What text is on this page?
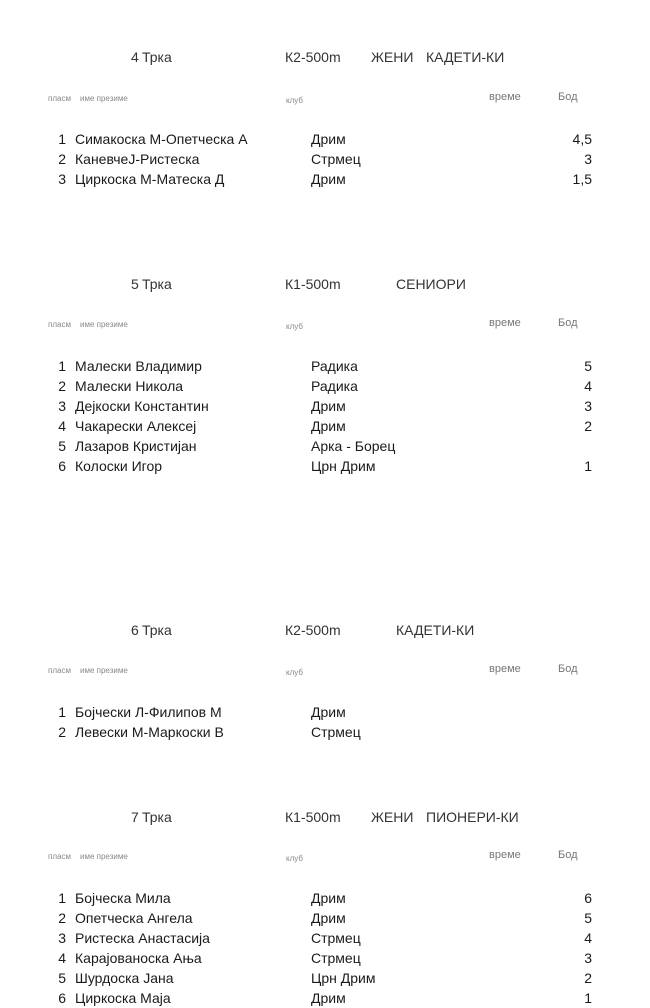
4 Трка	К2-500m ЖЕНИ КАДЕТИ-КИ
пласм име презиме	клуб	време	Бод
1 Симакоска М-Опетческа А	Дрим	4,5
2 КаневчеЈ-Ристеска	Стрмец	3
3 Циркоска М-Матеска Д	Дрим	1,5
5 Трка	К1-500m	СЕНИОРИ
пласм име презиме	клуб	време	Бод
1 Малески Владимир	Радика	5
2 Малески Никола	Радика	4
3 Дејкоски Константин	Дрим	3
4 Чакарески Алексеј	Дрим	2
5 Лазаров Кристијан	Арка - Борец
6 Колоски Игор	Црн Дрим	1
6 Трка	К2-500m	КАДЕТИ-КИ
пласм име презиме	клуб	време	Бод
1 Бојчески Л-Филипов М	Дрим
2 Левески М-Маркоски В	Стрмец
7 Трка	К1-500m ЖЕНИ ПИОНЕРИ-КИ
пласм име презиме	клуб	време	Бод
1 Бојческа Мила	Дрим	6
2 Опетческа Ангела	Дрим	5
3 Ристеска Анастасија	Стрмец	4
4 Карајованоска Ања	Стрмец	3
5 Шурдоска Јана	Црн Дрим	2
6 Циркоска Маја	Дрим	1
